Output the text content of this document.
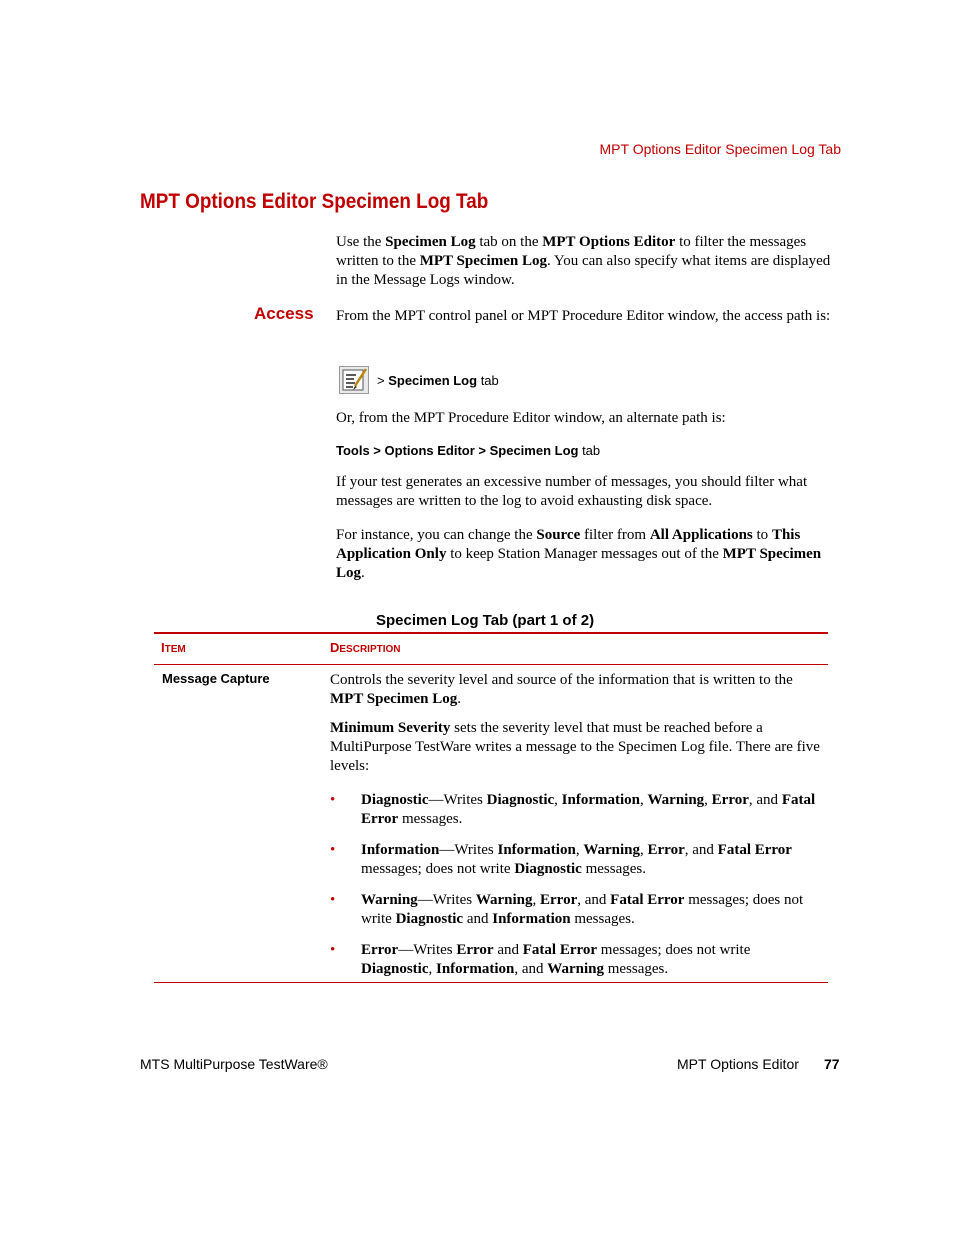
MPT Options Editor Specimen Log Tab
MPT Options Editor Specimen Log Tab
Use the Specimen Log tab on the MPT Options Editor to filter the messages written to the MPT Specimen Log. You can also specify what items are displayed in the Message Logs window.
Access From the MPT control panel or MPT Procedure Editor window, the access path is:
> Specimen Log tab
Or, from the MPT Procedure Editor window, an alternate path is:
Tools > Options Editor > Specimen Log tab
If your test generates an excessive number of messages, you should filter what messages are written to the log to avoid exhausting disk space.
For instance, you can change the Source filter from All Applications to This Application Only to keep Station Manager messages out of the MPT Specimen Log.
Specimen Log Tab (part 1 of 2)
ITEM	DESCRIPTION
Message Capture	Controls the severity level and source of the information that is written to the MPT Specimen Log.

Minimum Severity sets the severity level that must be reached before a MultiPurpose TestWare writes a message to the Specimen Log file. There are five levels:

• Diagnostic—Writes Diagnostic, Information, Warning, Error, and Fatal Error messages.
• Information—Writes Information, Warning, Error, and Fatal Error messages; does not write Diagnostic messages.
• Warning—Writes Warning, Error, and Fatal Error messages; does not write Diagnostic and Information messages.
• Error—Writes Error and Fatal Error messages; does not write Diagnostic, Information, and Warning messages.
MTS MultiPurpose TestWare®	MPT Options Editor 77
